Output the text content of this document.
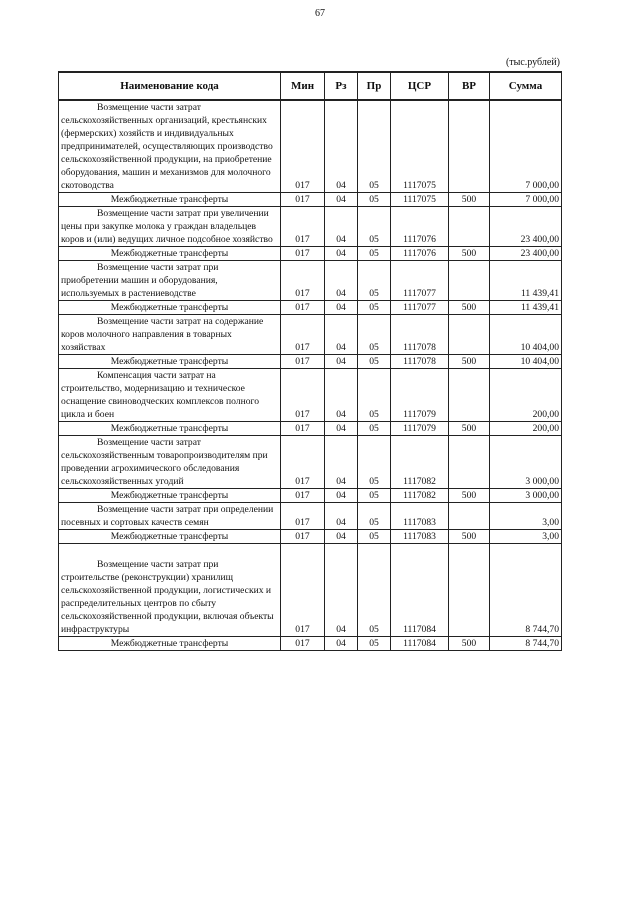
67
(тыс.рублей)
Наименование кода	Мин	Рз	Пр	ЦСР	ВР	Сумма

Возмещение части затрат сельскохозяйственных организаций, крестьянских (фермерских) хозяйств и индивидуальных предпринимателей, осуществляющих производство сельскохозяйственной продукции, на приобретение оборудования, машин и механизмов для молочного скотоводства	017	04	05	1117075		7 000,00
Межбюджетные трансферты	017	04	05	1117075	500	7 000,00

Возмещение части затрат при увеличении цены при закупке молока у граждан владельцев коров и (или) ведущих личное подсобное хозяйство	017	04	05	1117076		23 400,00
Межбюджетные трансферты	017	04	05	1117076	500	23 400,00

Возмещение части затрат при приобретении машин и оборудования, используемых в растениеводстве	017	04	05	1117077		11 439,41
Межбюджетные трансферты	017	04	05	1117077	500	11 439,41

Возмещение части затрат на содержание коров молочного направления в товарных хозяйствах	017	04	05	1117078		10 404,00
Межбюджетные трансферты	017	04	05	1117078	500	10 404,00

Компенсация части затрат на строительство, модернизацию и техническое оснащение свиноводческих комплексов полного цикла и боен	017	04	05	1117079		200,00
Межбюджетные трансферты	017	04	05	1117079	500	200,00

Возмещение части затрат сельскохозяйственным товаропроизводителям при проведении агрохимического обследования сельскохозяйственных угодий	017	04	05	1117082		3 000,00
Межбюджетные трансферты	017	04	05	1117082	500	3 000,00

Возмещение части затрат при определении посевных и сортовых качеств семян	017	04	05	1117083		3,00
Межбюджетные трансферты	017	04	05	1117083	500	3,00

Возмещение части затрат при строительстве (реконструкции) хранилищ сельскохозяйственной продукции, логистических и распределительных центров по сбыту сельскохозяйственной продукции, включая объекты инфраструктуры	017	04	05	1117084		8 744,70
Межбюджетные трансферты	017	04	05	1117084	500	8 744,70
